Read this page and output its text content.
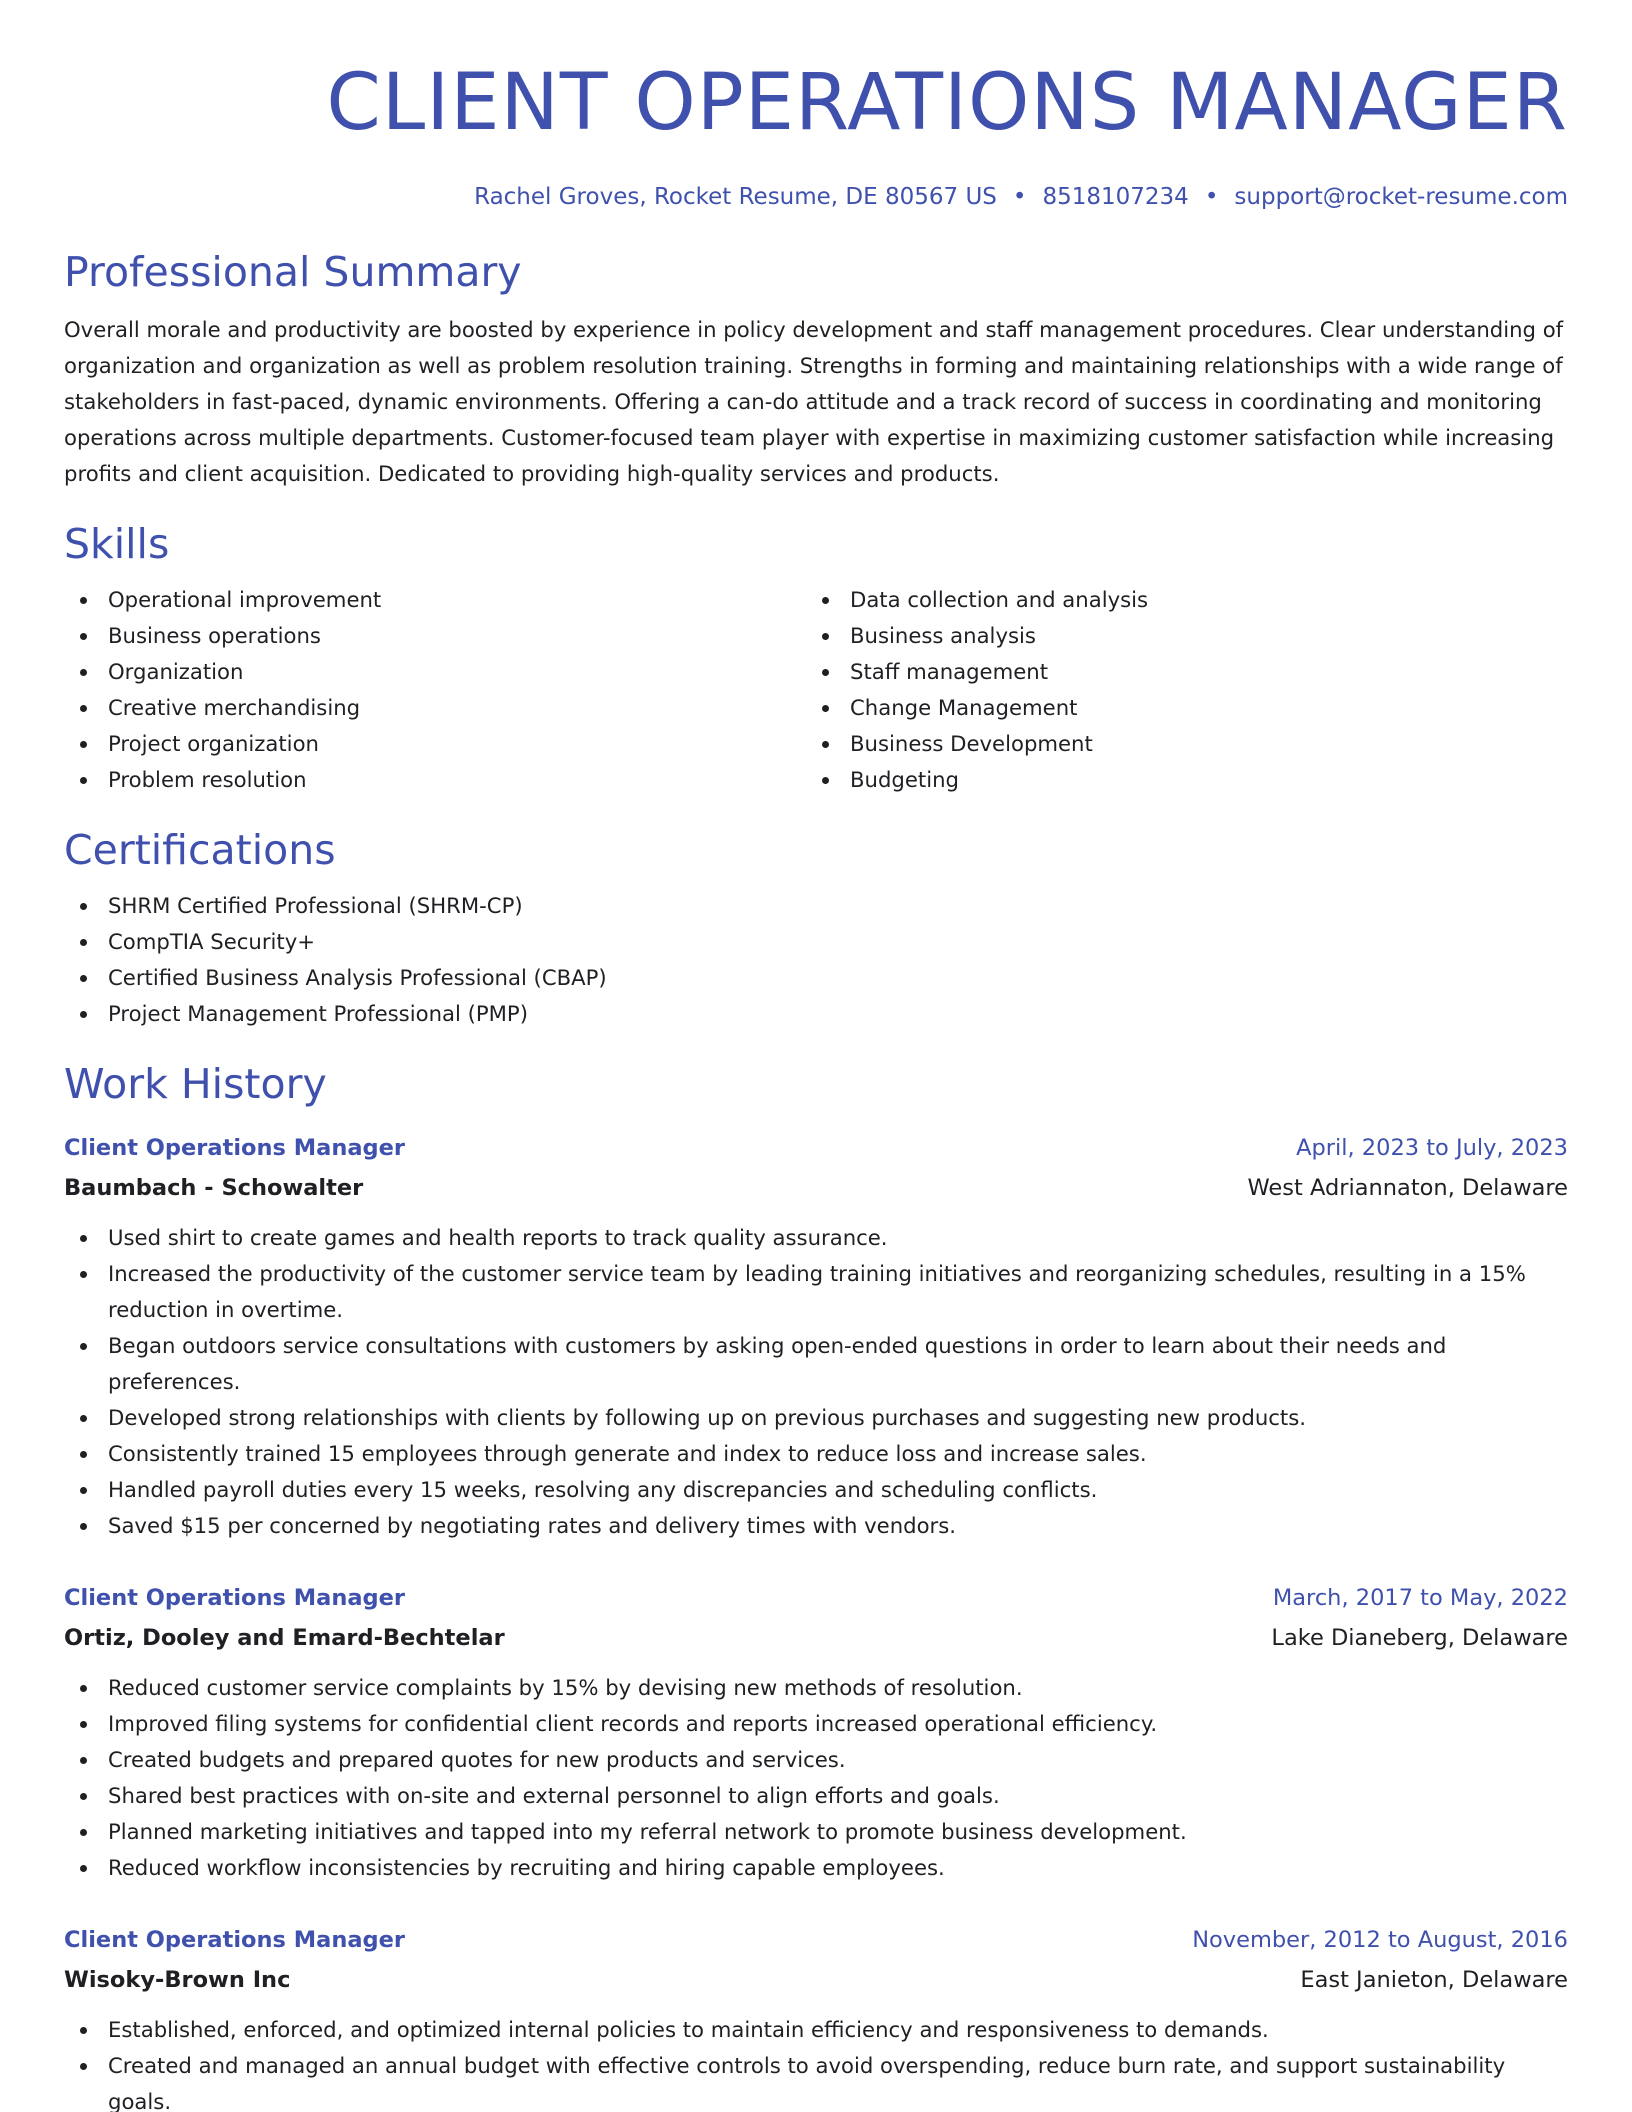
CLIENT OPERATIONS MANAGER
Rachel Groves, Rocket Resume, DE 80567 US • 8518107234 • support@rocket-resume.com
Professional Summary
Overall morale and productivity are boosted by experience in policy development and staff management procedures. Clear understanding of organization and organization as well as problem resolution training. Strengths in forming and maintaining relationships with a wide range of stakeholders in fast-paced, dynamic environments. Offering a can-do attitude and a track record of success in coordinating and monitoring operations across multiple departments. Customer-focused team player with expertise in maximizing customer satisfaction while increasing profits and client acquisition. Dedicated to providing high-quality services and products.
Skills
Operational improvement
Business operations
Organization
Creative merchandising
Project organization
Problem resolution
Data collection and analysis
Business analysis
Staff management
Change Management
Business Development
Budgeting
Certifications
SHRM Certified Professional (SHRM-CP)
CompTIA Security+
Certified Business Analysis Professional (CBAP)
Project Management Professional (PMP)
Work History
Client Operations Manager	April, 2023 to July, 2023
Baumbach - Schowalter	West Adriannaton, Delaware
Used shirt to create games and health reports to track quality assurance.
Increased the productivity of the customer service team by leading training initiatives and reorganizing schedules, resulting in a 15% reduction in overtime.
Began outdoors service consultations with customers by asking open-ended questions in order to learn about their needs and preferences.
Developed strong relationships with clients by following up on previous purchases and suggesting new products.
Consistently trained 15 employees through generate and index to reduce loss and increase sales.
Handled payroll duties every 15 weeks, resolving any discrepancies and scheduling conflicts.
Saved $15 per concerned by negotiating rates and delivery times with vendors.
Client Operations Manager	March, 2017 to May, 2022
Ortiz, Dooley and Emard-Bechtelar	Lake Dianeberg, Delaware
Reduced customer service complaints by 15% by devising new methods of resolution.
Improved filing systems for confidential client records and reports increased operational efficiency.
Created budgets and prepared quotes for new products and services.
Shared best practices with on-site and external personnel to align efforts and goals.
Planned marketing initiatives and tapped into my referral network to promote business development.
Reduced workflow inconsistencies by recruiting and hiring capable employees.
Client Operations Manager	November, 2012 to August, 2016
Wisoky-Brown Inc	East Janieton, Delaware
Established, enforced, and optimized internal policies to maintain efficiency and responsiveness to demands.
Created and managed an annual budget with effective controls to avoid overspending, reduce burn rate, and support sustainability goals.
